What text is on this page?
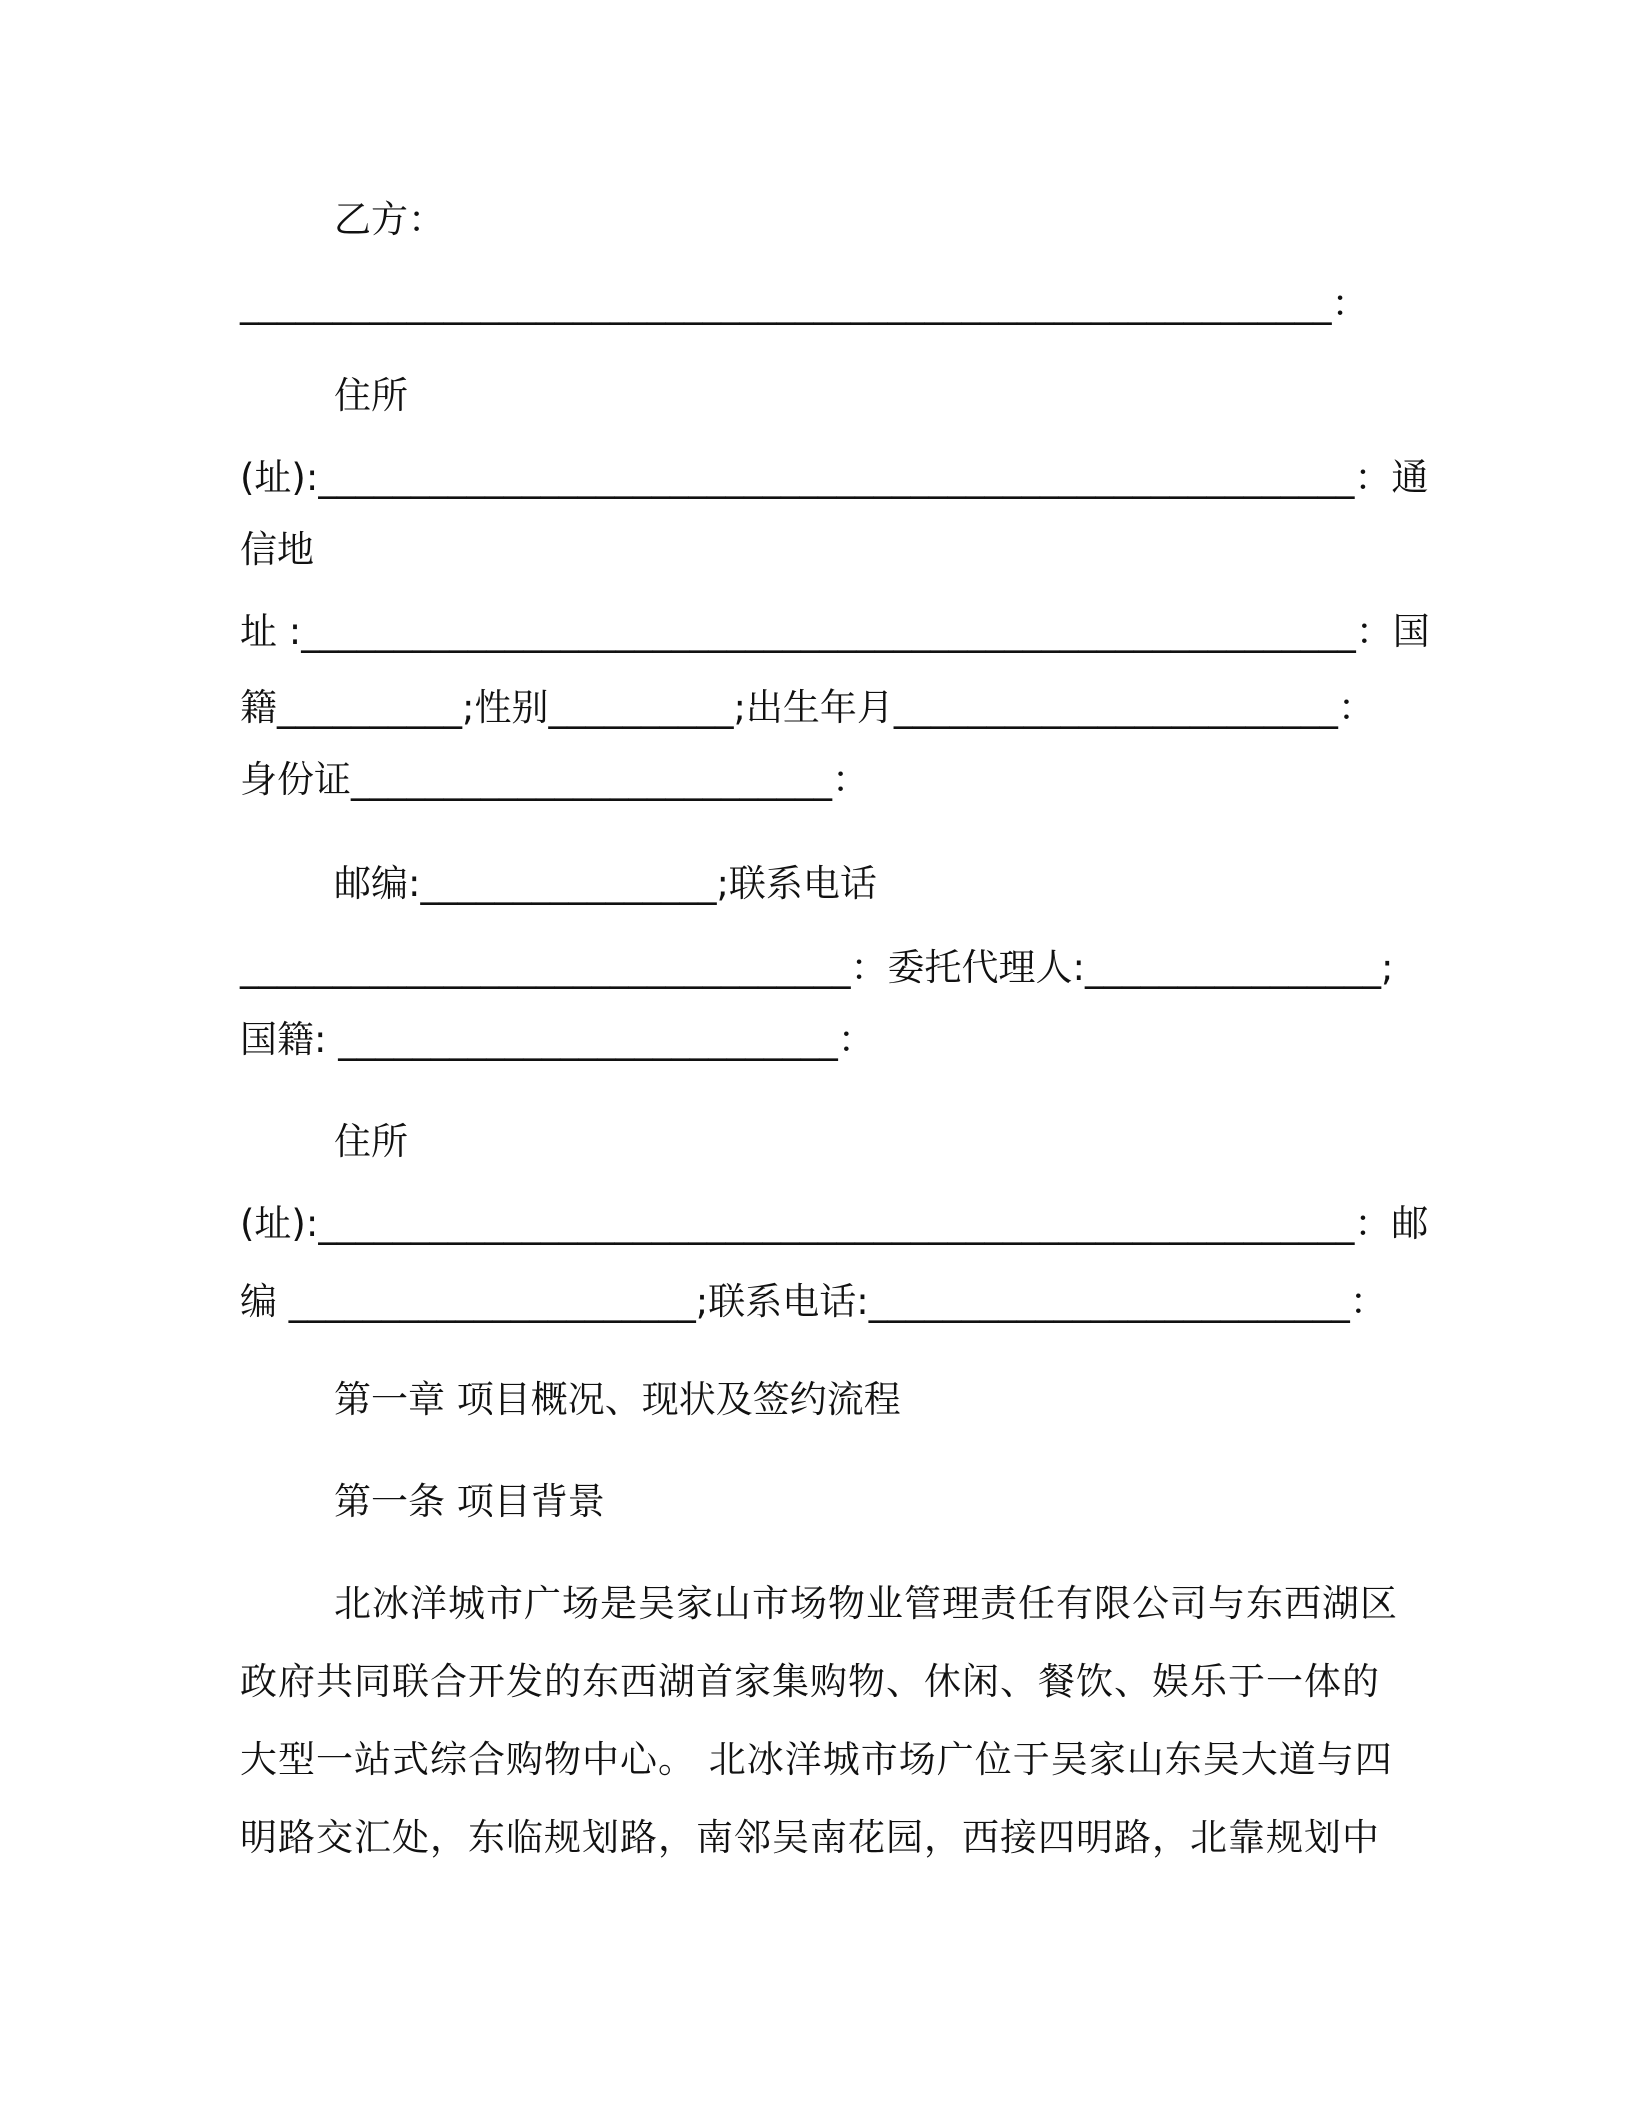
乙方：
___________________________________________________________：
住所
(址):________________________________________________________：通
信地
址 :_________________________________________________________：国
籍__________;性别__________;出生年月________________________：
身份证__________________________：
邮编:________________;联系电话
_________________________________：委托代理人:________________;
国籍: ___________________________：
住所
(址):________________________________________________________：邮
编 ______________________;联系电话:__________________________：
第一章 项目概况、现状及签约流程
第一条 项目背景
北冰洋城市广场是吴家山市场物业管理责任有限公司与东西湖区
政府共同联合开发的东西湖首家集购物、休闲、餐饮、娱乐于一体的
大型一站式综合购物中心。 北冰洋城市场广位于吴家山东吴大道与四
明路交汇处，东临规划路，南邻吴南花园，西接四明路，北靠规划中
